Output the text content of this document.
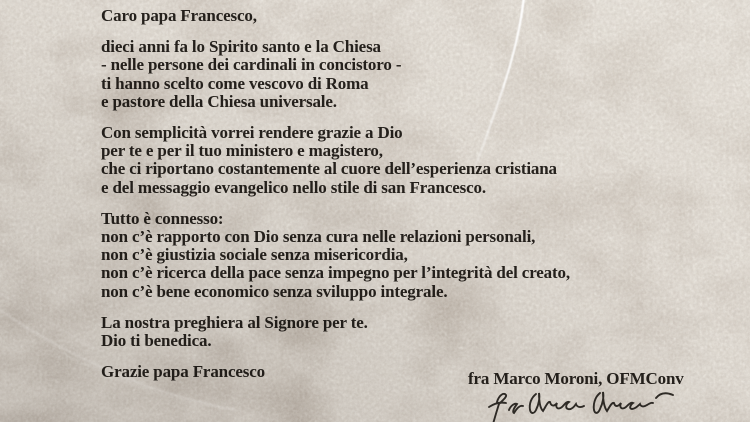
Caro papa Francesco,

dieci anni fa lo Spirito santo e la Chiesa
- nelle persone dei cardinali in concistoro -
ti hanno scelto come vescovo di Roma
e pastore della Chiesa universale.

Con semplicità vorrei rendere grazie a Dio
per te e per il tuo ministero e magistero,
che ci riportano costantemente al cuore dell’esperienza cristiana
e del messaggio evangelico nello stile di san Francesco.

Tutto è connesso:
non c’è rapporto con Dio senza cura nelle relazioni personali,
non c’è giustizia sociale senza misericordia,
non c’è ricerca della pace senza impegno per l’integrità del creato,
non c’è bene economico senza sviluppo integrale.

La nostra preghiera al Signore per te.
Dio ti benedica.

Grazie papa Francesco	fra Marco Moroni, OFMConv
